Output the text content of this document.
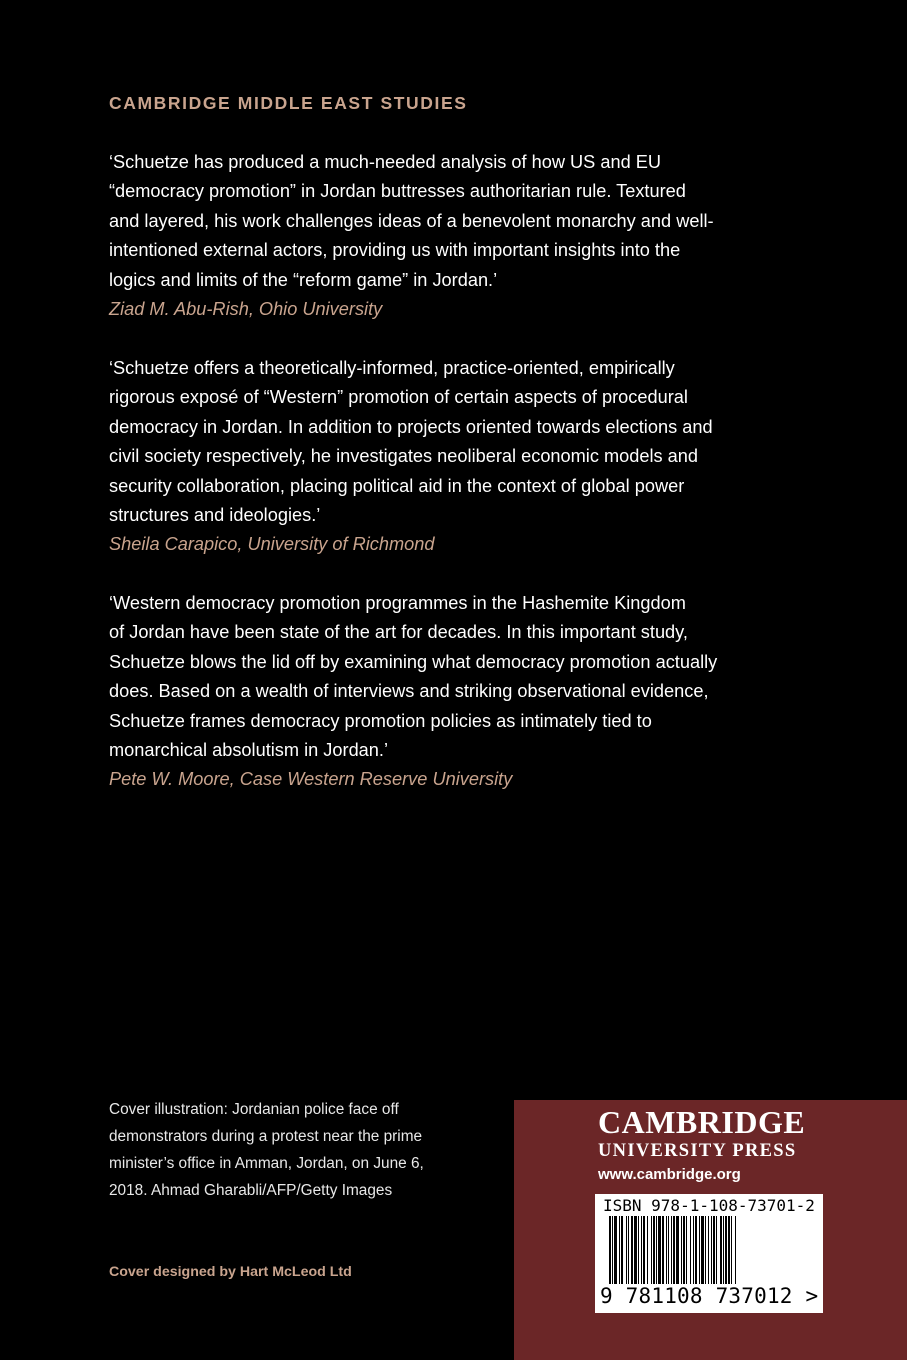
CAMBRIDGE MIDDLE EAST STUDIES
‘Schuetze has produced a much-needed analysis of how US and EU
“democracy promotion” in Jordan buttresses authoritarian rule. Textured
and layered, his work challenges ideas of a benevolent monarchy and well-
intentioned external actors, providing us with important insights into the
logics and limits of the “reform game” in Jordan.’
Ziad M. Abu-Rish, Ohio University
‘Schuetze offers a theoretically-informed, practice-oriented, empirically
rigorous exposé of “Western” promotion of certain aspects of procedural
democracy in Jordan. In addition to projects oriented towards elections and
civil society respectively, he investigates neoliberal economic models and
security collaboration, placing political aid in the context of global power
structures and ideologies.’
Sheila Carapico, University of Richmond
‘Western democracy promotion programmes in the Hashemite Kingdom
of Jordan have been state of the art for decades. In this important study,
Schuetze blows the lid off by examining what democracy promotion actually
does. Based on a wealth of interviews and striking observational evidence,
Schuetze frames democracy promotion policies as intimately tied to
monarchical absolutism in Jordan.’
Pete W. Moore, Case Western Reserve University
Cover illustration: Jordanian police face off
demonstrators during a protest near the prime
minister’s office in Amman, Jordan, on June 6,
2018. Ahmad Gharabli/AFP/Getty Images
Cover designed by Hart McLeod Ltd
CAMBRIDGE
UNIVERSITY PRESS
www.cambridge.org
ISBN 978-1-108-73701-2
9 781108 737012 >
